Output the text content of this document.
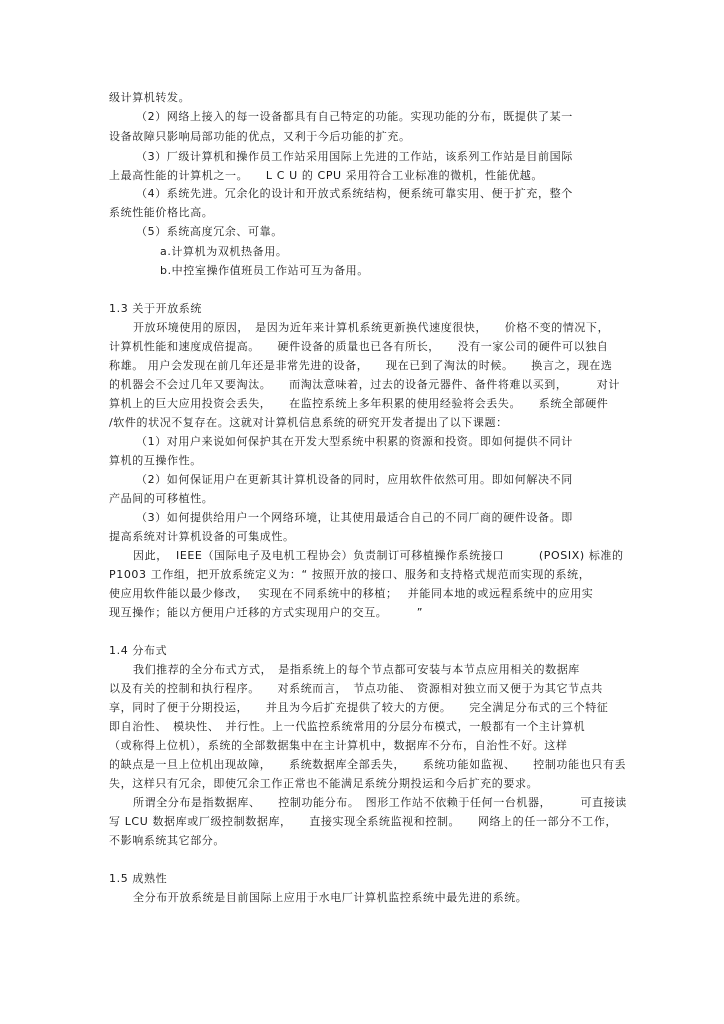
级计算机转发。
（2）网络上接入的每一设备都具有自己特定的功能。实现功能的分布，既提供了某一
设备故障只影响局部功能的优点，又利于今后功能的扩充。
（3）厂级计算机和操作员工作站采用国际上先进的工作站，该系列工作站是目前国际
上最高性能的计算机之一。　　L C U 的 CPU 采用符合工业标准的微机，性能优越。
（4）系统先进。冗余化的设计和开放式系统结构，便系统可靠实用、便于扩充，整个
系统性能价格比高。
（5）系统高度冗余、可靠。
a.计算机为双机热备用。
b.中控室操作值班员工作站可互为备用。
1.3 关于开放系统
开放环境使用的原因，　是因为近年来计算机系统更新换代速度很快，　　价格不变的情况下，
计算机性能和速度成倍提高。　　硬件设备的质量也已各有所长，　　没有一家公司的硬件可以独自
称雄。 用户会发现在前几年还是非常先进的设备，　　现在已到了淘汰的时候。　　换言之，现在选
的机器会不会过几年又要淘汰。　　而淘汰意味着，过去的设备元器件、备件将难以买到，　　　对计
算机上的巨大应用投资会丢失，　　在监控系统上多年积累的使用经验将会丢失。　　系统全部硬件
/软件的状况不复存在。这就对计算机信息系统的研究开发者提出了以下课题：
（1）对用户来说如何保护其在开发大型系统中积累的资源和投资。即如何提供不同计
算机的互操作性。
（2）如何保证用户在更新其计算机设备的同时，应用软件依然可用。即如何解决不同
产品间的可移植性。
（3）如何提供给用户一个网络环境，让其使用最适合自己的不同厂商的硬件设备。即
提高系统对计算机设备的可集成性。
因此，  IEEE（国际电子及电机工程协会）负责制订可移植操作系统接口　　　(POSIX) 标准的
P1003 工作组，把开放系统定义为：“ 按照开放的接口、服务和支持格式规范而实现的系统，
使应用软件能以最少修改，　 实现在不同系统中的移植；　 并能同本地的或远程系统中的应用实
现互操作；能以方便用户迁移的方式实现用户的交互。　　　”
1.4 分布式
我们推荐的全分布式方式，　是指系统上的每个节点都可安装与本节点应用相关的数据库
以及有关的控制和执行程序。　　对系统而言，　节点功能、　资源相对独立而又便于为其它节点共
享，同时了便于分期投运，　　并且为今后扩充提供了较大的方便。　　完全满足分布式的三个特征
即自治性、　模块性、　并行性。上一代监控系统常用的分层分布模式，一般都有一个主计算机
（或称得上位机），系统的全部数据集中在主计算机中，数据库不分布，自治性不好。这样
的缺点是一旦上位机出现故障，　　系统数据库全部丢失，　　系统功能如监视、　　控制功能也只有丢
失，这样只有冗余，即使冗余工作正常也不能满足系统分期投运和今后扩充的要求。
所谓全分布是指数据库、　　控制功能分布。　图形工作站不依赖于任何一台机器，　　　可直接读
写 LCU 数据库或厂级控制数据库，　　直接实现全系统监视和控制。　　网络上的任一部分不工作，
不影响系统其它部分。
1.5 成熟性
全分布开放系统是目前国际上应用于水电厂计算机监控系统中最先进的系统。
